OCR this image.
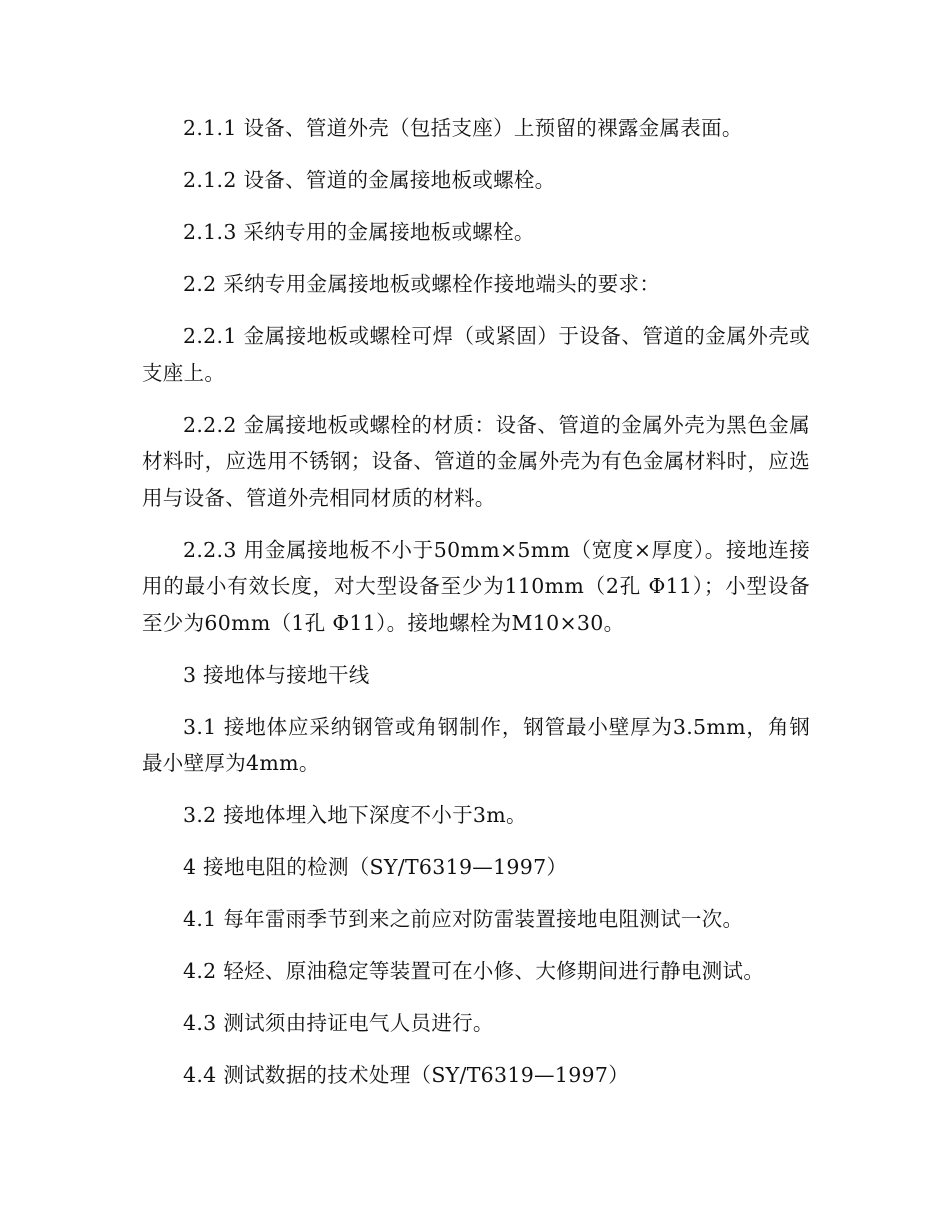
2.1.1 设备、管道外壳（包括支座）上预留的裸露金属表面。

2.1.2 设备、管道的金属接地板或螺栓。

2.1.3 采纳专用的金属接地板或螺栓。

2.2 采纳专用金属接地板或螺栓作接地端头的要求：

2.2.1 金属接地板或螺栓可焊（或紧固）于设备、管道的金属外壳或支座上。

2.2.2 金属接地板或螺栓的材质：设备、管道的金属外壳为黑色金属材料时，应选用不锈钢；设备、管道的金属外壳为有色金属材料时，应选用与设备、管道外壳相同材质的材料。

2.2.3 用金属接地板不小于50mm×5mm（宽度×厚度）。接地连接用的最小有效长度，对大型设备至少为110mm（2孔 Φ11）；小型设备至少为60mm（1孔 Φ11）。接地螺栓为M10×30。

3 接地体与接地干线

3.1 接地体应采纳钢管或角钢制作，钢管最小壁厚为3.5mm，角钢最小壁厚为4mm。

3.2 接地体埋入地下深度不小于3m。

4 接地电阻的检测（SY/T6319—1997）

4.1 每年雷雨季节到来之前应对防雷装置接地电阻测试一次。

4.2 轻烃、原油稳定等装置可在小修、大修期间进行静电测试。

4.3 测试须由持证电气人员进行。

4.4 测试数据的技术处理（SY/T6319—1997）
